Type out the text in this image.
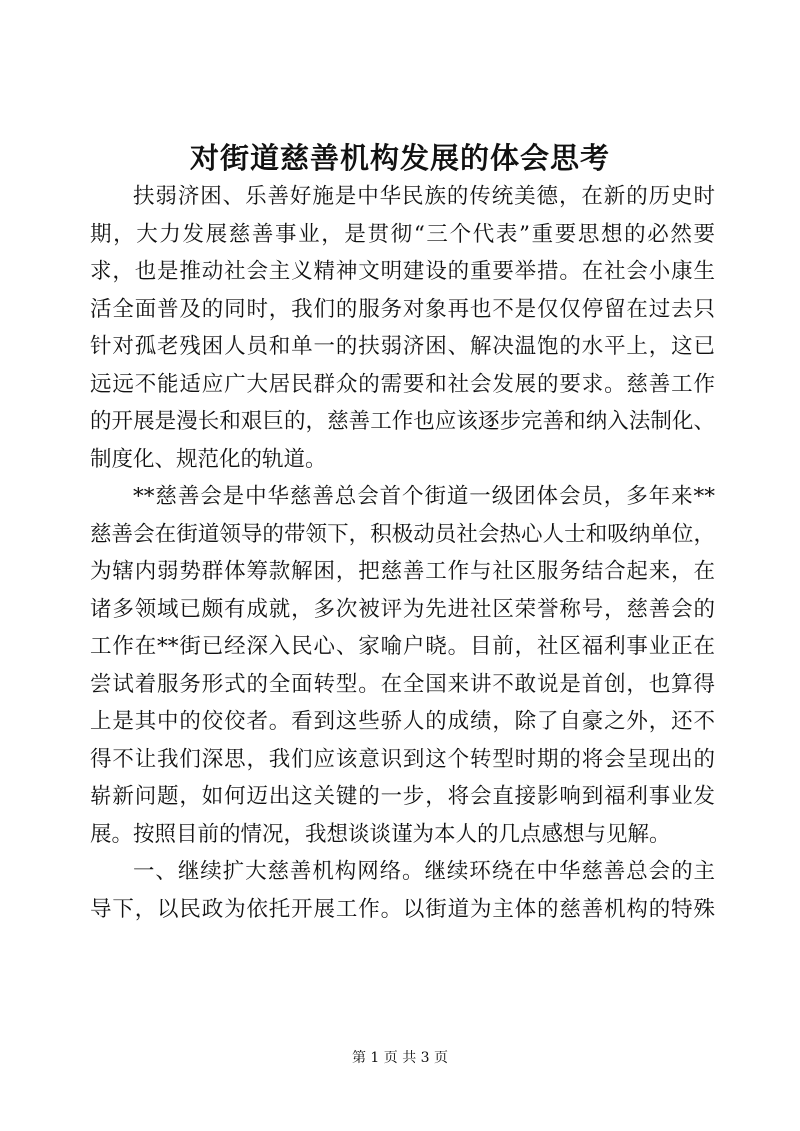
对街道慈善机构发展的体会思考
扶弱济困、乐善好施是中华民族的传统美德，在新的历史时
期，大力发展慈善事业，是贯彻“三个代表”重要思想的必然要
求，也是推动社会主义精神文明建设的重要举措。在社会小康生
活全面普及的同时，我们的服务对象再也不是仅仅停留在过去只
针对孤老残困人员和单一的扶弱济困、解决温饱的水平上，这已
远远不能适应广大居民群众的需要和社会发展的要求。慈善工作
的开展是漫长和艰巨的，慈善工作也应该逐步完善和纳入法制化、
制度化、规范化的轨道。
**慈善会是中华慈善总会首个街道一级团体会员，多年来**
慈善会在街道领导的带领下，积极动员社会热心人士和吸纳单位，
为辖内弱势群体筹款解困，把慈善工作与社区服务结合起来，在
诸多领域已颇有成就，多次被评为先进社区荣誉称号，慈善会的
工作在**街已经深入民心、家喻户晓。目前，社区福利事业正在
尝试着服务形式的全面转型。在全国来讲不敢说是首创，也算得
上是其中的佼佼者。看到这些骄人的成绩，除了自豪之外，还不
得不让我们深思，我们应该意识到这个转型时期的将会呈现出的
崭新问题，如何迈出这关键的一步，将会直接影响到福利事业发
展。按照目前的情况，我想谈谈谨为本人的几点感想与见解。
一、继续扩大慈善机构网络。继续环绕在中华慈善总会的主
导下，以民政为依托开展工作。以街道为主体的慈善机构的特殊
第 1 页 共 3 页
